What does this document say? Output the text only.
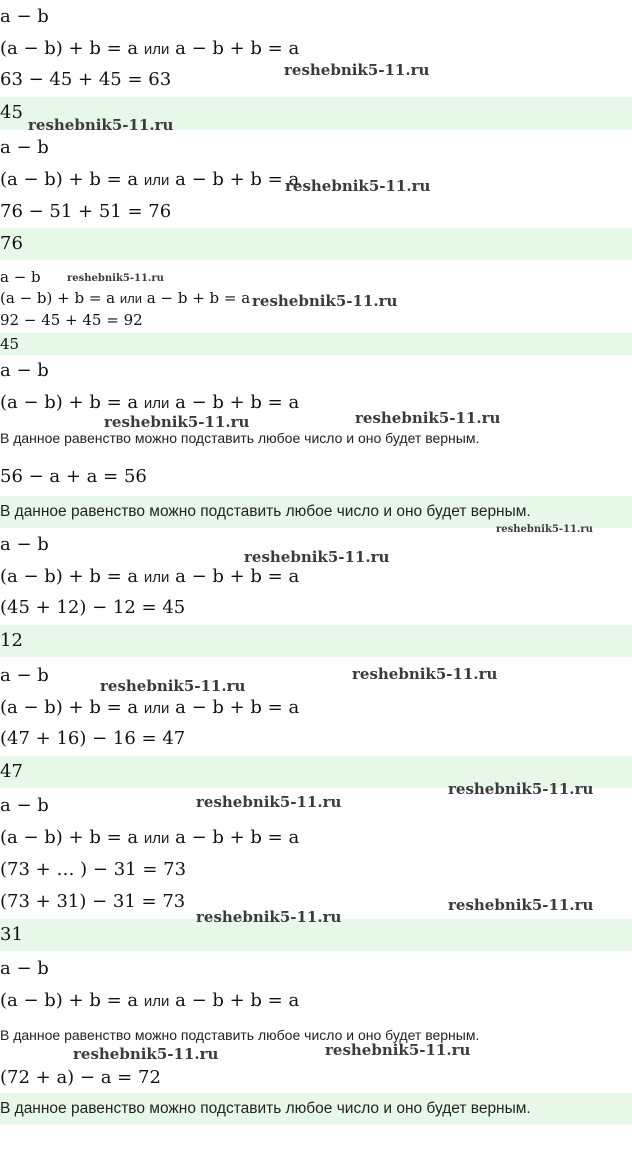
a − b
(a − b) + b = a или a − b + b = a
63 − 45 + 45 = 63
45
a − b
(a − b) + b = a или a − b + b = a
76 − 51 + 51 = 76
76
a − b
(a − b) + b = a или a − b + b = a
92 − 45 + 45 = 92
45
a − b
(a − b) + b = a или a − b + b = a
В данное равенство можно подставить любое число и оно будет верным.
56 − a + a = 56
В данное равенство можно подставить любое число и оно будет верным.
a − b
(a − b) + b = a или a − b + b = a
(45 + 12) − 12 = 45
12
a − b
(a − b) + b = a или a − b + b = a
(47 + 16) − 16 = 47
47
a − b
(a − b) + b = a или a − b + b = a
(73 + … ) − 31 = 73
(73 + 31) − 31 = 73
31
a − b
(a − b) + b = a или a − b + b = a
В данное равенство можно подставить любое число и оно будет верным.
(72 + a) − a = 72
В данное равенство можно подставить любое число и оно будет верным.
reshebnik5-11.ru
reshebnik5-11.ru
reshebnik5-11.ru
reshebnik5-11.ru
reshebnik5-11.ru
reshebnik5-11.ru	reshebnik5-11.ru
reshebnik5-11.ru
reshebnik5-11.ru
reshebnik5-11.ru
reshebnik5-11.ru
reshebnik5-11.ru
reshebnik5-11.ru
reshebnik5-11.ru
reshebnik5-11.ru
reshebnik5-11.ru
reshebnik5-11.ru
